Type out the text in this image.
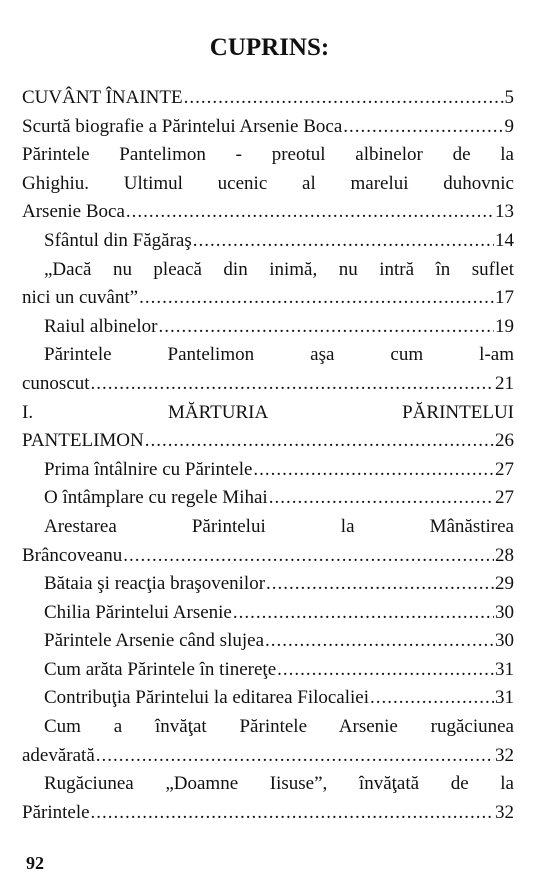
CUPRINS:
CUVÂNT ÎNAINTE .....	5
Scurtă biografie a Părintelui Arsenie Boca .....	9
Părintele Pantelimon - preotul albinelor de la
Ghighiu. Ultimul ucenic al marelui duhovnic
Arsenie Boca .....	13
Sfântul din Făgăraş .....	14
„Dacă nu pleacă din inimă, nu intră în suflet
nici un cuvânt” .....	17
Raiul albinelor .....	19
Părintele Pantelimon aşa cum l-am
cunoscut .....	21
I. MĂRTURIA PĂRINTELUI
PANTELIMON .....	26
Prima întâlnire cu Părintele .....	27
O întâmplare cu regele Mihai .....	27
Arestarea Părintelui la Mânăstirea
Brâncoveanu .....	28
Bătaia şi reacţia braşovenilor .....	29
Chilia Părintelui Arsenie .....	30
Părintele Arsenie când slujea .....	30
Cum arăta Părintele în tinereţe .....	31
Contribuţia Părintelui la editarea Filocaliei .....	31
Cum a învăţat Părintele Arsenie rugăciunea
adevărată .....	32
Rugăciunea „Doamne Iisuse”, învăţată de la
Părintele .....	32
92
